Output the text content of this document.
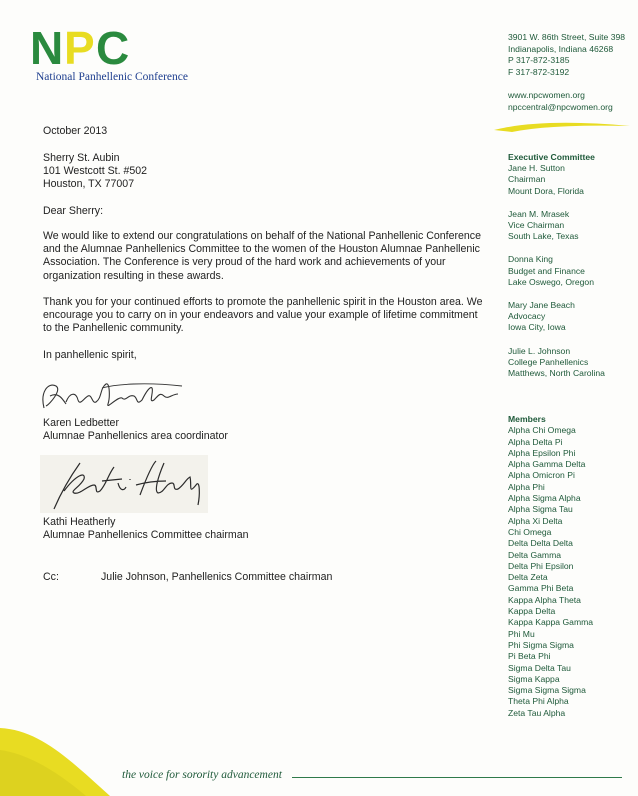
N P C
National Panhellenic Conference
3901 W. 86th Street, Suite 398
Indianapolis, Indiana 46268
P 317-872-3185
F 317-872-3192
www.npcwomen.org
npccentral@npcwomen.org
Executive Committee
Jane H. Sutton
Chairman
Mount Dora, Florida
Jean M. Mrasek
Vice Chairman
South Lake, Texas
Donna King
Budget and Finance
Lake Oswego, Oregon
Mary Jane Beach
Advocacy
Iowa City, Iowa
Julie L. Johnson
College Panhellenics
Matthews, North Carolina
Members
Alpha Chi Omega
Alpha Delta Pi
Alpha Epsilon Phi
Alpha Gamma Delta
Alpha Omicron Pi
Alpha Phi
Alpha Sigma Alpha
Alpha Sigma Tau
Alpha Xi Delta
Chi Omega
Delta Delta Delta
Delta Gamma
Delta Phi Epsilon
Delta Zeta
Gamma Phi Beta
Kappa Alpha Theta
Kappa Delta
Kappa Kappa Gamma
Phi Mu
Phi Sigma Sigma
Pi Beta Phi
Sigma Delta Tau
Sigma Kappa
Sigma Sigma Sigma
Theta Phi Alpha
Zeta Tau Alpha
October 2013
Sherry St. Aubin
101 Westcott St. #502
Houston, TX 77007
Dear Sherry:
We would like to extend our congratulations on behalf of the National Panhellenic Conference and the Alumnae Panhellenics Committee to the women of the Houston Alumnae Panhellenic Association. The Conference is very proud of the hard work and achievements of your organization resulting in these awards.
Thank you for your continued efforts to promote the panhellenic spirit in the Houston area. We encourage you to carry on in your endeavors and value your example of lifetime commitment to the Panhellenic community.
In panhellenic spirit,
Karen Ledbetter
Alumnae Panhellenics area coordinator
Kathi Heatherly
Alumnae Panhellenics Committee chairman
Cc:	Julie Johnson, Panhellenics Committee chairman
the voice for sorority advancement
